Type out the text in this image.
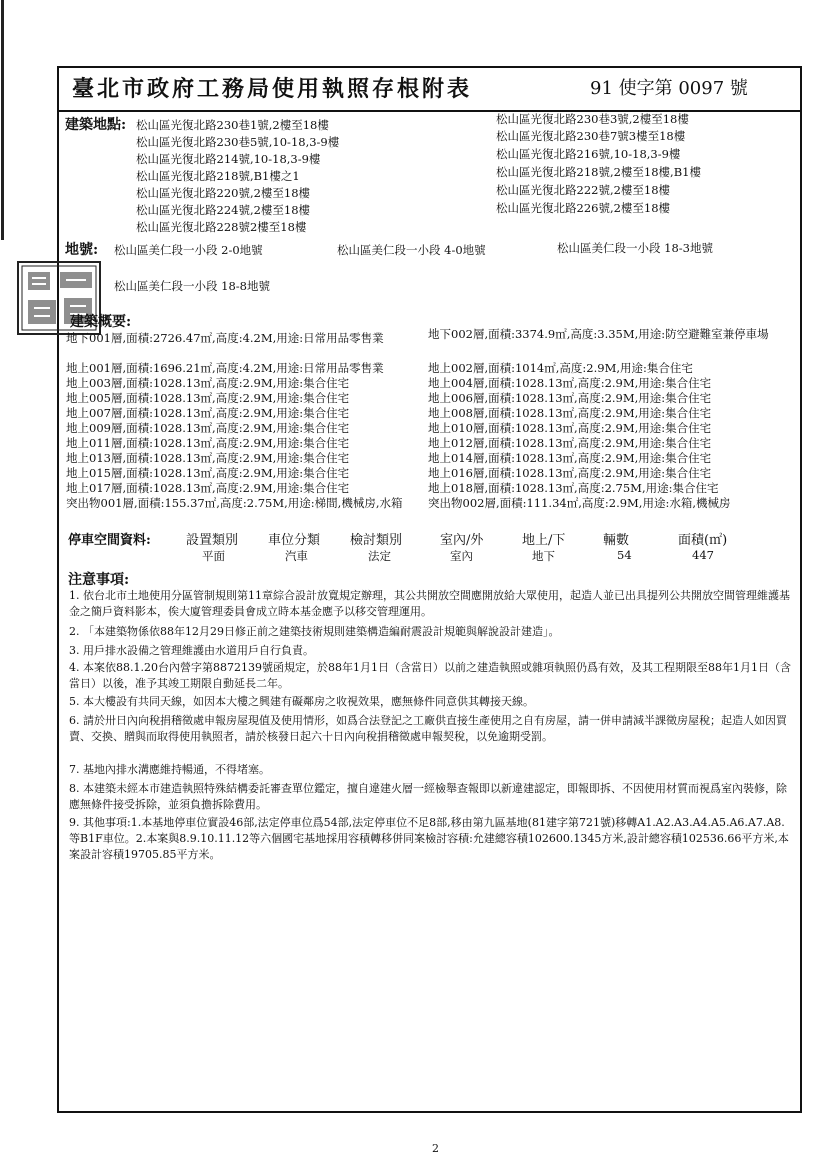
臺北市政府工務局使用執照存根附表	91 使字第 0097 號
建築地點: 松山區光復北路230巷1號,2樓至18樓
松山區光復北路230巷5號,10-18,3-9樓
松山區光復北路214號,10-18,3-9樓
松山區光復北路218號,B1樓之1
松山區光復北路220號,2樓至18樓
松山區光復北路224號,2樓至18樓
松山區光復北路228號2樓至18樓
松山區光復北路230巷3號,2樓至18樓
松山區光復北路230巷7號3樓至18樓
松山區光復北路216號,10-18,3-9樓
松山區光復北路218號,2樓至18樓,B1樓
松山區光復北路222號,2樓至18樓
松山區光復北路226號,2樓至18樓
地號: 松山區美仁段一小段 2-0地號	松山區美仁段一小段 4-0地號	松山區美仁段一小段 18-3地號
松山區美仁段一小段 18-8地號
建築概要:
地下001層,面積:2726.47㎡,高度:4.2M,用途:日常用品零售業	地下002層,面積:3374.9㎡,高度:3.35M,用途:防空避難室兼停車場
地上001層,面積:1696.21㎡,高度:4.2M,用途:日常用品零售業	地上002層,面積:1014㎡,高度:2.9M,用途:集合住宅
地上003層,面積:1028.13㎡,高度:2.9M,用途:集合住宅	地上004層,面積:1028.13㎡,高度:2.9M,用途:集合住宅
地上005層,面積:1028.13㎡,高度:2.9M,用途:集合住宅	地上006層,面積:1028.13㎡,高度:2.9M,用途:集合住宅
地上007層,面積:1028.13㎡,高度:2.9M,用途:集合住宅	地上008層,面積:1028.13㎡,高度:2.9M,用途:集合住宅
地上009層,面積:1028.13㎡,高度:2.9M,用途:集合住宅	地上010層,面積:1028.13㎡,高度:2.9M,用途:集合住宅
地上011層,面積:1028.13㎡,高度:2.9M,用途:集合住宅	地上012層,面積:1028.13㎡,高度:2.9M,用途:集合住宅
地上013層,面積:1028.13㎡,高度:2.9M,用途:集合住宅	地上014層,面積:1028.13㎡,高度:2.9M,用途:集合住宅
地上015層,面積:1028.13㎡,高度:2.9M,用途:集合住宅	地上016層,面積:1028.13㎡,高度:2.9M,用途:集合住宅
地上017層,面積:1028.13㎡,高度:2.9M,用途:集合住宅	地上018層,面積:1028.13㎡,高度:2.75M,用途:集合住宅
突出物001層,面積:155.37㎡,高度:2.75M,用途:梯間,機械房,水箱	突出物002層,面積:111.34㎡,高度:2.9M,用途:水箱,機械房
停車空間資料:	設置類別 車位分類 檢討類別	室內/外	地上/下	輛數	面積(㎡)
平面	汽車	法定	室內	地下	54	447
注意事項:
1. 依台北市土地使用分區管制規則第11章綜合設計放寬規定辦理，其公共開放空間應開放給大眾使用，起造人並已出具提列公共開放空間管理維護基金之簡戶資料影本，俟大廈管理委員會成立時本基金應予以移交管理運用。
2. 「本建築物係依88年12月29日修正前之建築技術規則建築構造編耐震設計規範與解說設計建造」。
3. 用戶排水設備之管理維護由水道用戶自行負責。
4. 本案依88.1.20台內營字第8872139號函規定，於88年1月1日（含當日）以前之建造執照或雜項執照仍爲有效，及其工程期限至88年1月1日（含當日）以後，准予其竣工期限自動延長二年。
5. 本大樓設有共同天線，如因本大樓之興建有礙鄰房之收視效果，應無條件同意供其轉接天線。
6. 請於卅日內向稅捐稽徵處申報房屋現值及使用情形，如爲合法登記之工廠供直接生產使用之自有房屋，請一併申請減半課徵房屋稅；起造人如因買賣、交換、贈與而取得使用執照者，請於核發日起六十日內向稅捐稽徵處申報契稅，以免逾期受罰。
7. 基地內排水溝應維持暢通，不得堵塞。
8. 本建築未經本市建造執照特殊結構委託審查單位鑑定，擅自違建火層一經檢舉查報即以新違建認定，即報即拆、不因使用材質而視爲室內裝修，除應無條件接受拆除，並須負擔拆除費用。
9. 其他事項:1.本基地停車位實設46部,法定停車位爲54部,法定停車位不足8部,移由第九區基地(81建字第721號)移轉A1.A2.A3.A4.A5.A6.A7.A8.等B1F車位。2.本案與8.9.10.11.12等六個國宅基地採用容積轉移併同案檢討容積:允建總容積102600.1345方米,設計總容積102536.66平方米,本案設計容積19705.85平方米。
2
